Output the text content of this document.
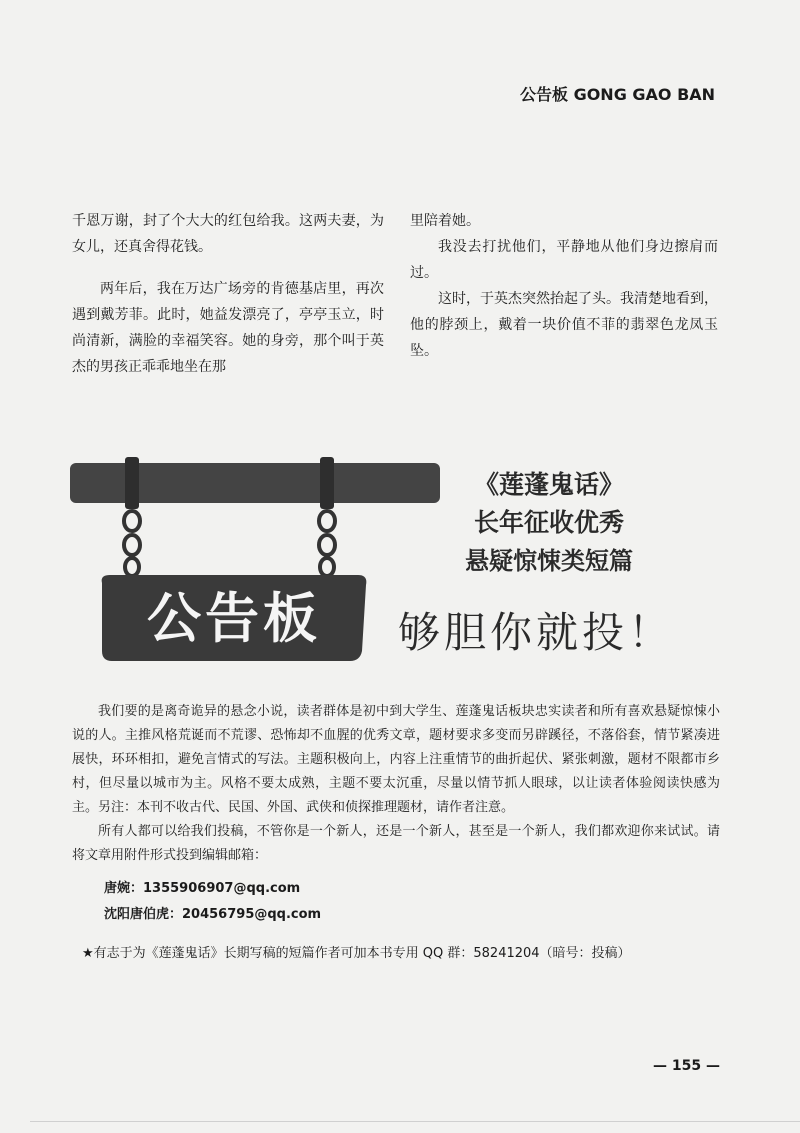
公告板 GONG GAO BAN

千恩万谢，封了个大大的红包给我。这两夫妻，为女儿，还真舍得花钱。

两年后，我在万达广场旁的肯德基店里，再次遇到戴芳菲。此时，她益发漂亮了，亭亭玉立，时尚清新，满脸的幸福笑容。她的身旁，那个叫于英杰的男孩正乖乖地坐在那

里陪着她。

我没去打扰他们，平静地从他们身边擦肩而过。

这时，于英杰突然抬起了头。我清楚地看到，他的脖颈上，戴着一块价值不菲的翡翠色龙凤玉坠。

公告板
《莲蓬鬼话》
长年征收优秀
悬疑惊悚类短篇
够胆你就投！

我们要的是离奇诡异的悬念小说，读者群体是初中到大学生、莲蓬鬼话板块忠实读者和所有喜欢悬疑惊悚小说的人。主推风格荒诞而不荒谬、恐怖却不血腥的优秀文章，题材要求多变而另辟蹊径，不落俗套，情节紧凑进展快，环环相扣，避免言情式的写法。主题积极向上，内容上注重情节的曲折起伏、紧张刺激，题材不限都市乡村，但尽量以城市为主。风格不要太成熟，主题不要太沉重，尽量以情节抓人眼球，以让读者体验阅读快感为主。另注：本刊不收古代、民国、外国、武侠和侦探推理题材，请作者注意。

所有人都可以给我们投稿，不管你是一个新人，还是一个新人，甚至是一个新人，我们都欢迎你来试试。请将文章用附件形式投到编辑邮箱：

唐婉：1355906907@qq.com
沈阳唐伯虎：20456795@qq.com
★有志于为《莲蓬鬼话》长期写稿的短篇作者可加本书专用 QQ 群：58241204（暗号：投稿）
— 155 —
